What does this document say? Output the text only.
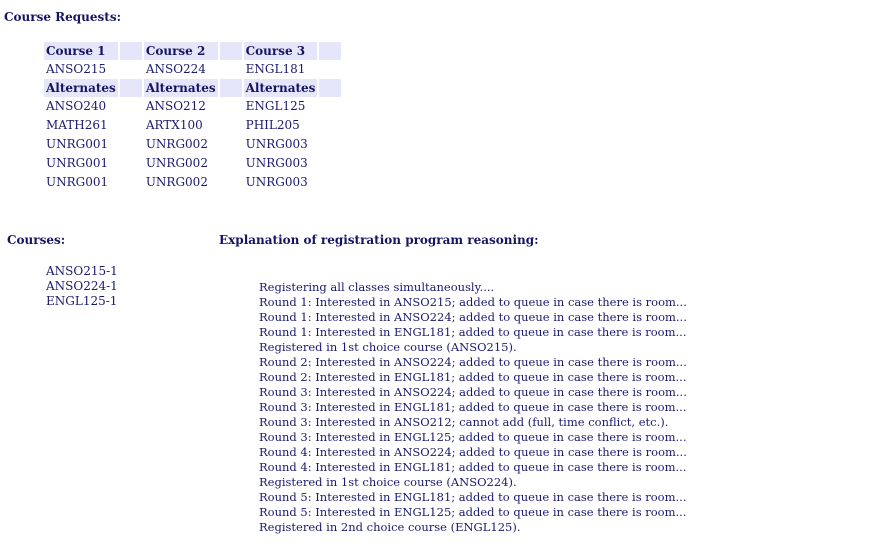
Course Requests:
Course 1		Course 2		Course 3	
ANSO215		ANSO224		ENGL181	
Alternates		Alternates		Alternates	
ANSO240		ANSO212		ENGL125	
MATH261		ARTX100		PHIL205	
UNRG001		UNRG002		UNRG003	
UNRG001		UNRG002		UNRG003	
UNRG001		UNRG002		UNRG003	
Courses:	Explanation of registration program reasoning:
ANSO215-1
ANSO224-1
ENGL125-1
Registering all classes simultaneously....
Round 1: Interested in ANSO215; added to queue in case there is room...
Round 1: Interested in ANSO224; added to queue in case there is room...
Round 1: Interested in ENGL181; added to queue in case there is room...
Registered in 1st choice course (ANSO215).
Round 2: Interested in ANSO224; added to queue in case there is room...
Round 2: Interested in ENGL181; added to queue in case there is room...
Round 3: Interested in ANSO224; added to queue in case there is room...
Round 3: Interested in ENGL181; added to queue in case there is room...
Round 3: Interested in ANSO212; cannot add (full, time conflict, etc.).
Round 3: Interested in ENGL125; added to queue in case there is room...
Round 4: Interested in ANSO224; added to queue in case there is room...
Round 4: Interested in ENGL181; added to queue in case there is room...
Registered in 1st choice course (ANSO224).
Round 5: Interested in ENGL181; added to queue in case there is room...
Round 5: Interested in ENGL125; added to queue in case there is room...
Registered in 2nd choice course (ENGL125).
